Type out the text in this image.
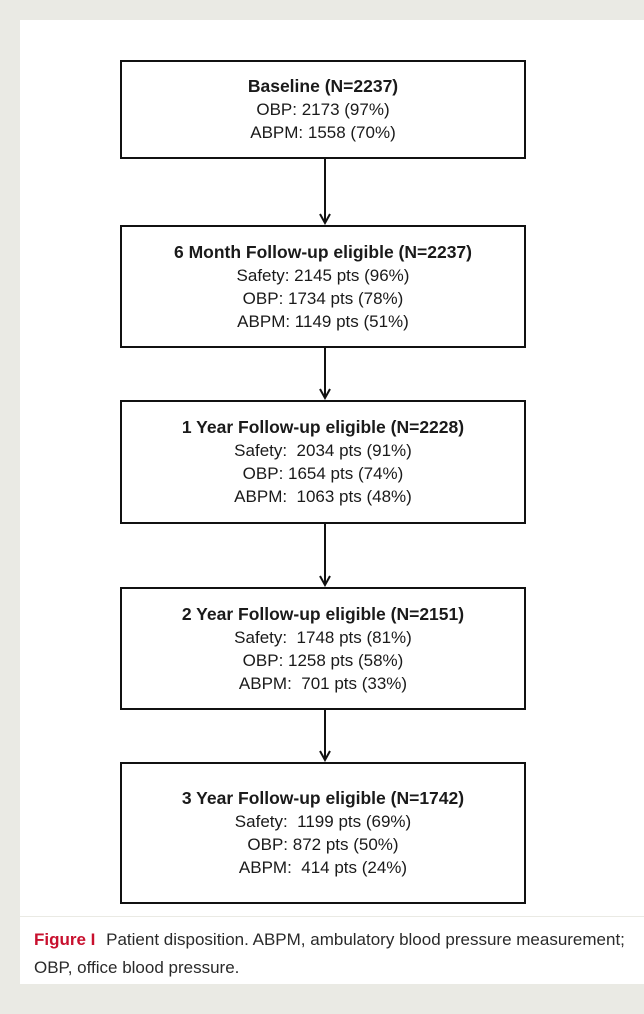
Baseline (N=2237)
OBP: 2173 (97%)
ABPM: 1558 (70%)
6 Month Follow-up eligible (N=2237)
Safety: 2145 pts (96%)
OBP: 1734 pts (78%)
ABPM: 1149 pts (51%)
1 Year Follow-up eligible (N=2228)
Safety:  2034 pts (91%)
OBP: 1654 pts (74%)
ABPM:  1063 pts (48%)
2 Year Follow-up eligible (N=2151)
Safety:  1748 pts (81%)
OBP: 1258 pts (58%)
ABPM:  701 pts (33%)
3 Year Follow-up eligible (N=1742)
Safety:  1199 pts (69%)
OBP: 872 pts (50%)
ABPM:  414 pts (24%)
Figure I Patient disposition. ABPM, ambulatory blood pressure measurement; OBP, office blood pressure.
